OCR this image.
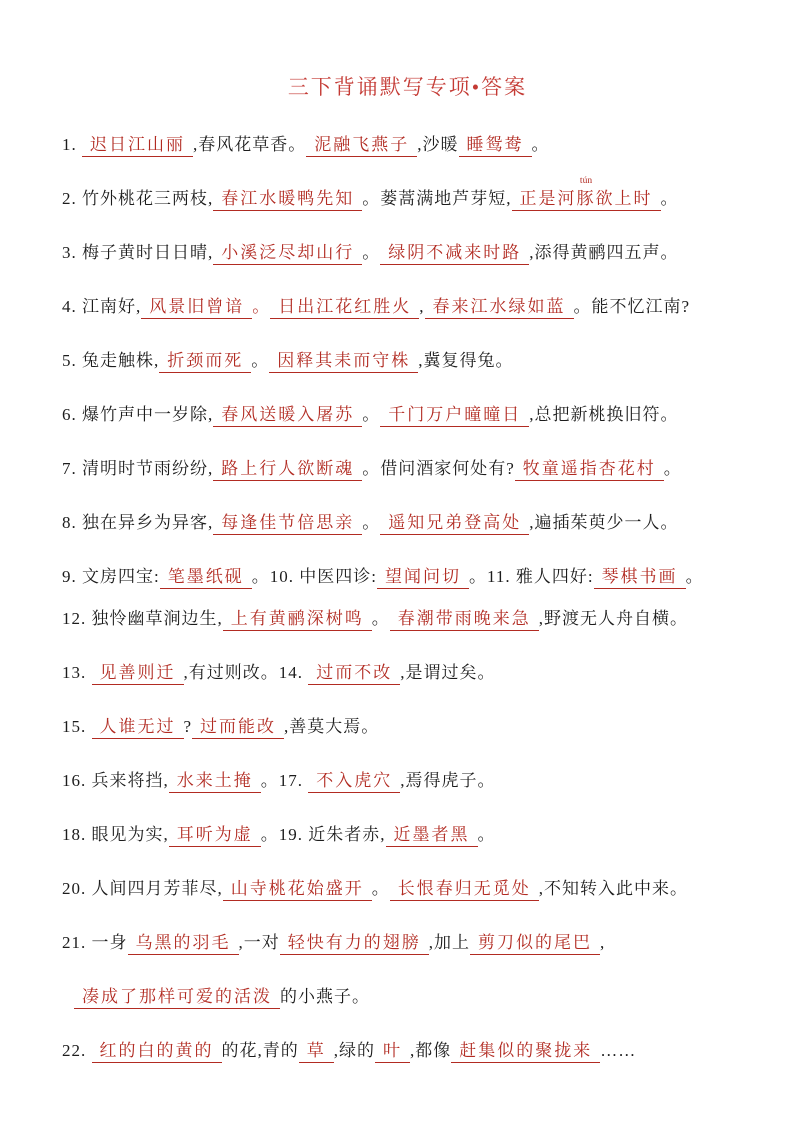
三下背诵默写专项•答案
1. 迟日江山丽 ,春风花草香。 泥融飞燕子 ,沙暖 睡鸳鸯 。
2. 竹外桃花三两枝, 春江水暖鸭先知 。蒌蒿满地芦芽短, 正是河豚
tún
欲上时 。
3. 梅子黄时日日晴, 小溪泛尽却山行 。 绿阴不减来时路 ,添得黄鹂四五声。
4. 江南好, 风景旧曾谙 。 日出江花红胜火 , 春来江水绿如蓝 。能不忆江南?
5. 兔走触株, 折颈而死 。 因释其耒而守株 ,冀复得兔。
6. 爆竹声中一岁除, 春风送暖入屠苏 。 千门万户曈曈日 ,总把新桃换旧符。
7. 清明时节雨纷纷, 路上行人欲断魂 。借问酒家何处有? 牧童遥指杏花村 。
8. 独在异乡为异客, 每逢佳节倍思亲 。 遥知兄弟登高处 ,遍插茱萸少一人。
9. 文房四宝: 笔墨纸砚 。10. 中医四诊: 望闻问切 。11. 雅人四好: 琴棋书画 。
12. 独怜幽草涧边生, 上有黄鹂深树鸣 。 春潮带雨晚来急 ,野渡无人舟自横。
13. 见善则迁 ,有过则改。14. 过而不改 ,是谓过矣。
15. 人谁无过 ? 过而能改 ,善莫大焉。
16. 兵来将挡, 水来土掩 。17. 不入虎穴 ,焉得虎子。
18. 眼见为实, 耳听为虚 。19. 近朱者赤, 近墨者黑 。
20. 人间四月芳菲尽, 山寺桃花始盛开 。 长恨春归无觅处 ,不知转入此中来。
21. 一身 乌黑的羽毛 ,一对 轻快有力的翅膀 ,加上 剪刀似的尾巴 ,
凑成了那样可爱的活泼 的小燕子。
22. 红的白的黄的 的花,青的 草 ,绿的 叶 ,都像 赶集似的聚拢来 ……
